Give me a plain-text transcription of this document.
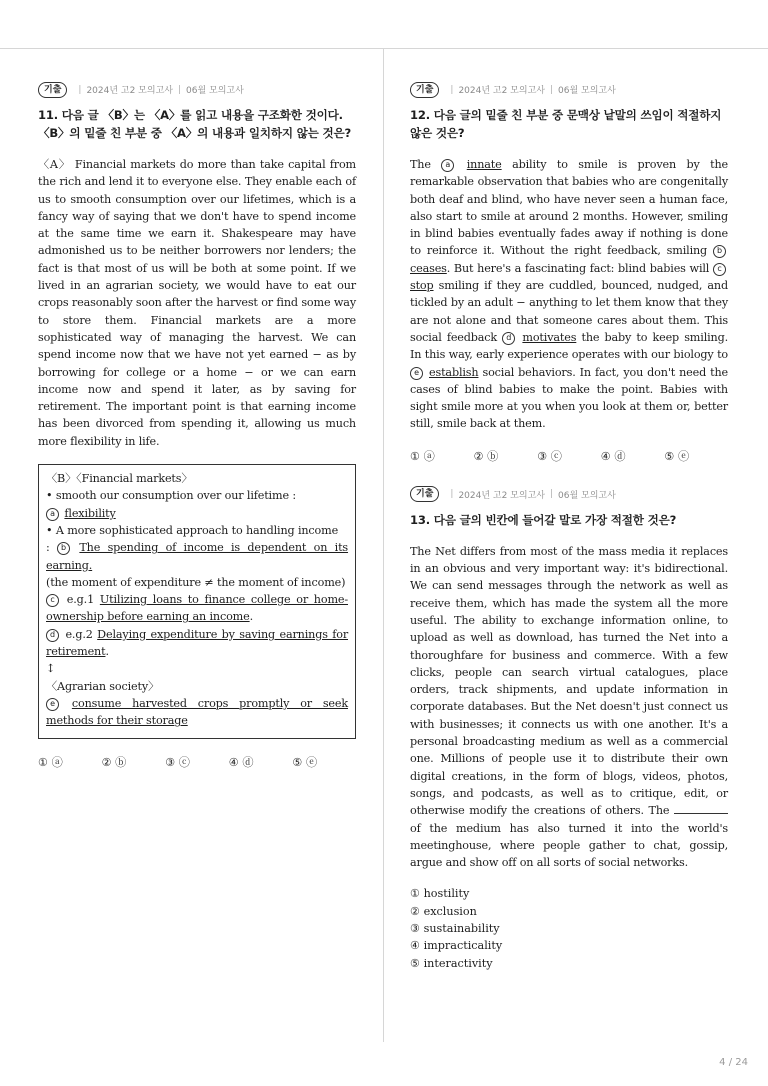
기출	| 2024년 고2 모의고사 | 06월 모의고사
11. 다음 글 〈B〉는 〈A〉를 읽고 내용을 구조화한 것이다. 〈B〉의 밑줄 친 부분 중 〈A〉의 내용과 일치하지 않는 것은?
〈A〉 Financial markets do more than take capital from the rich and lend it to everyone else. They enable each of us to smooth consumption over our lifetimes, which is a fancy way of saying that we don't have to spend income at the same time we earn it. Shakespeare may have admonished us to be neither borrowers nor lenders; the fact is that most of us will be both at some point. If we lived in an agrarian society, we would have to eat our crops reasonably soon after the harvest or find some way to store them. Financial markets are a more sophisticated way of managing the harvest. We can spend income now that we have not yet earned − as by borrowing for college or a home − or we can earn income now and spend it later, as by saving for retirement. The important point is that earning income has been divorced from spending it, allowing us much more flexibility in life.
〈B〉〈Financial markets〉
• smooth our consumption over our lifetime :
a flexibility
• A more sophisticated approach to handling income
: b The spending of income is dependent on its earning.
(the moment of expenditure ≠ the moment of income)
c e.g.1 Utilizing loans to finance college or home-ownership before earning an income.
d e.g.2 Delaying expenditure by saving earnings for retirement.
↕
〈Agrarian society〉
e consume harvested crops promptly or seek methods for their storage
① ⓐ	② ⓑ	③ ⓒ	④ ⓓ	⑤ ⓔ
기출	| 2024년 고2 모의고사 | 06월 모의고사
12. 다음 글의 밑줄 친 부분 중 문맥상 낱말의 쓰임이 적절하지 않은 것은?
The a innate ability to smile is proven by the remarkable observation that babies who are congenitally both deaf and blind, who have never seen a human face, also start to smile at around 2 months. However, smiling in blind babies eventually fades away if nothing is done to reinforce it. Without the right feedback, smiling b ceases. But here's a fascinating fact: blind babies will c stop smiling if they are cuddled, bounced, nudged, and tickled by an adult − anything to let them know that they are not alone and that someone cares about them. This social feedback d motivates the baby to keep smiling. In this way, early experience operates with our biology to e establish social behaviors. In fact, you don't need the cases of blind babies to make the point. Babies with sight smile more at you when you look at them or, better still, smile back at them.
① ⓐ	② ⓑ	③ ⓒ	④ ⓓ	⑤ ⓔ
기출	| 2024년 고2 모의고사 | 06월 모의고사
13. 다음 글의 빈칸에 들어갈 말로 가장 적절한 것은?
The Net differs from most of the mass media it replaces in an obvious and very important way: it's bidirectional. We can send messages through the network as well as receive them, which has made the system all the more useful. The ability to exchange information online, to upload as well as download, has turned the Net into a thoroughfare for business and commerce. With a few clicks, people can search virtual catalogues, place orders, track shipments, and update information in corporate databases. But the Net doesn't just connect us with businesses; it connects us with one another. It's a personal broadcasting medium as well as a commercial one. Millions of people use it to distribute their own digital creations, in the form of blogs, videos, photos, songs, and podcasts, as well as to critique, edit, or otherwise modify the creations of others. The  of the medium has also turned it into the world's meetinghouse, where people gather to chat, gossip, argue and show off on all sorts of social networks.
① hostility
② exclusion
③ sustainability
④ impracticality
⑤ interactivity
4 / 24
